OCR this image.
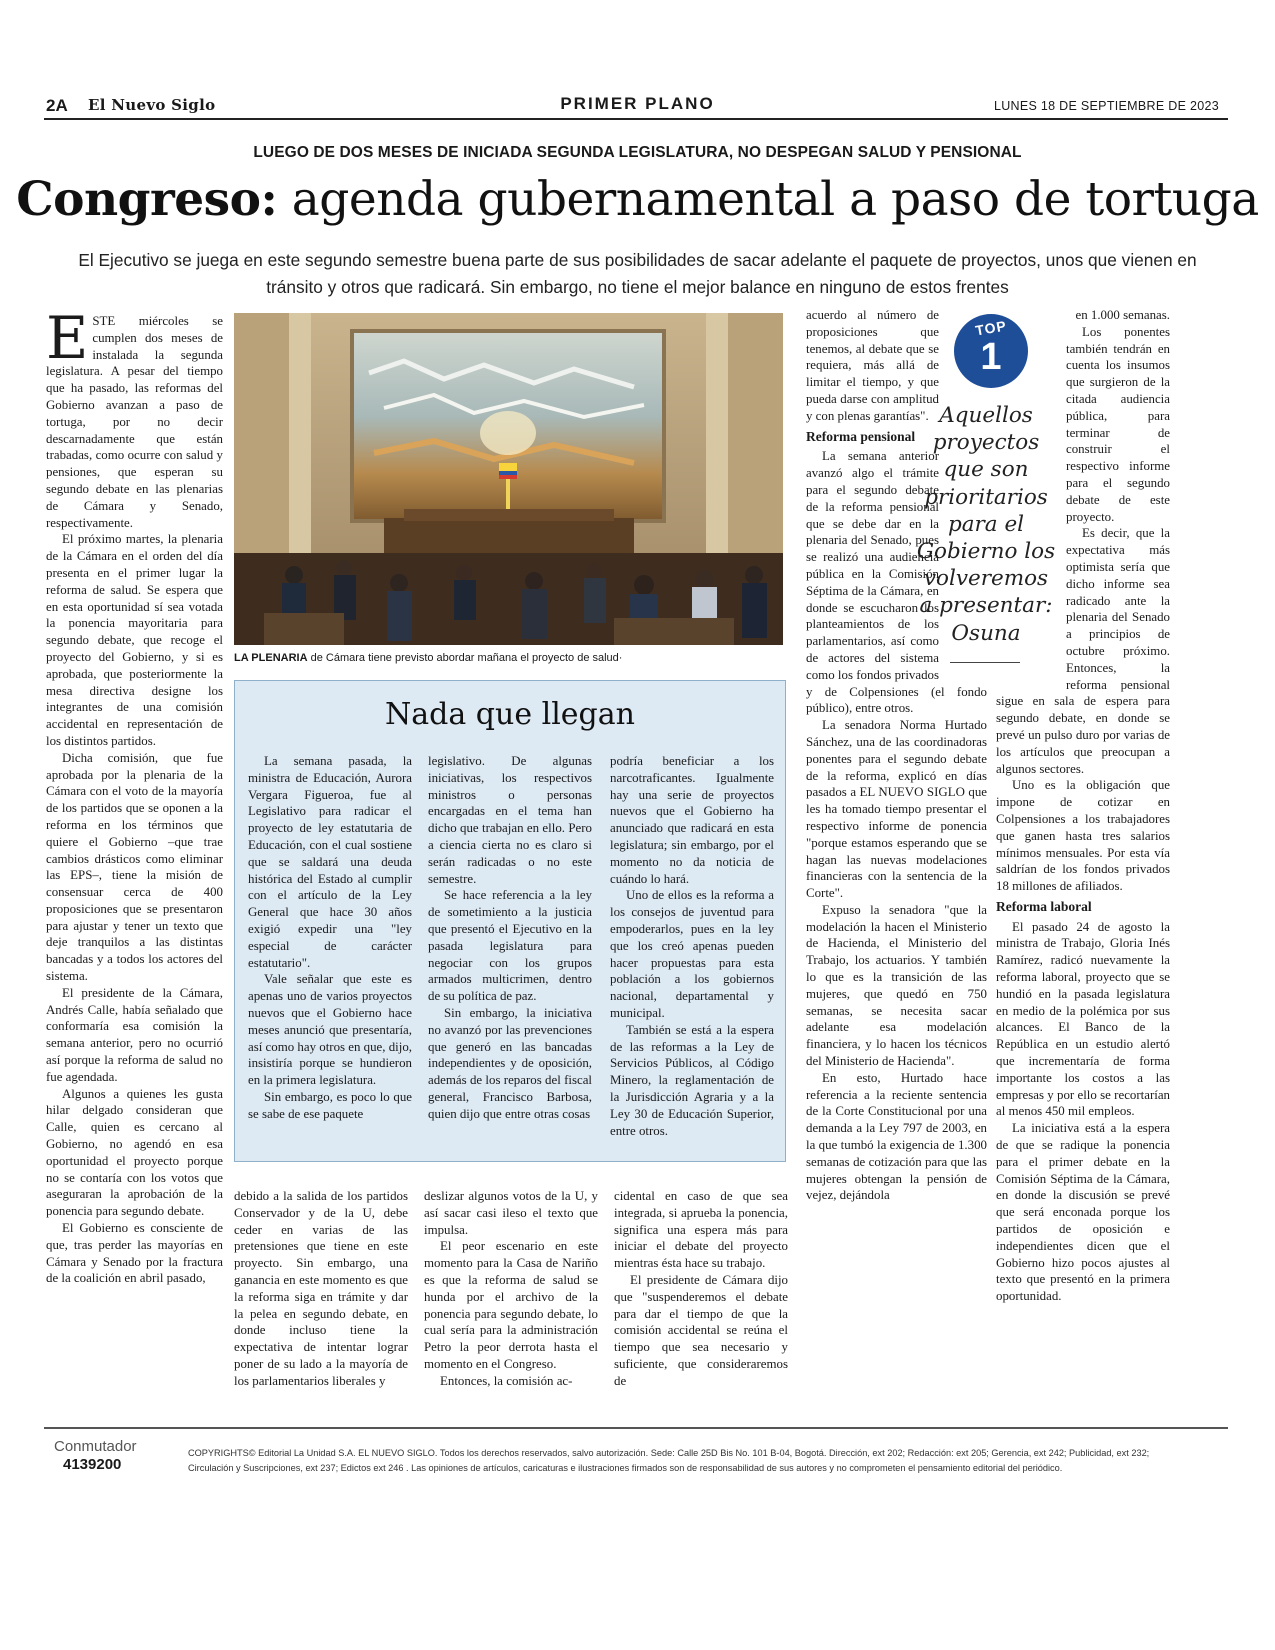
2A El Nuevo Siglo	PRIMER PLANO	LUNES 18 DE SEPTIEMBRE DE 2023
LUEGO DE DOS MESES DE INICIADA SEGUNDA LEGISLATURA, NO DESPEGAN SALUD Y PENSIONAL
Congreso: agenda gubernamental a paso de tortuga
El Ejecutivo se juega en este segundo semestre buena parte de sus posibilidades de sacar adelante el paquete de proyectos, unos que vienen en tránsito y otros que radicará. Sin embargo, no tiene el mejor balance en ninguno de estos frentes

ESTE miércoles se cumplen dos meses de instalada la segunda legislatura. A pesar del tiempo que ha pasado, las reformas del Gobierno avanzan a paso de tortuga, por no decir descarnadamente que están trabadas, como ocurre con salud y pensiones, que esperan su segundo debate en las plenarias de Cámara y Senado, respectivamente.

El próximo martes, la plenaria de la Cámara en el orden del día presenta en el primer lugar la reforma de salud. Se espera que en esta oportunidad sí sea votada la ponencia mayoritaria para segundo debate, que recoge el proyecto del Gobierno, y si es aprobada, que posteriormente la mesa directiva designe los integrantes de una comisión accidental en representación de los distintos partidos.

Dicha comisión, que fue aprobada por la plenaria de la Cámara con el voto de la mayoría de los partidos que se oponen a la reforma en los términos que quiere el Gobierno –que trae cambios drásticos como eliminar las EPS–, tiene la misión de consensuar cerca de 400 proposiciones que se presentaron para ajustar y tener un texto que deje tranquilos a las distintas bancadas y a todos los actores del sistema.

El presidente de la Cámara, Andrés Calle, había señalado que conformaría esa comisión la semana anterior, pero no ocurrió así porque la reforma de salud no fue agendada.

Algunos a quienes les gusta hilar delgado consideran que Calle, quien es cercano al Gobierno, no agendó en esa oportunidad el proyecto porque no se contaría con los votos que aseguraran la aprobación de la ponencia para segundo debate.

El Gobierno es consciente de que, tras perder las mayorías en Cámara y Senado por la fractura de la coalición en abril pasado,

LA PLENARIA de Cámara tiene previsto abordar mañana el proyecto de salud·
Nada que llegan

La semana pasada, la ministra de Educación, Aurora Vergara Figueroa, fue al Legislativo para radicar el proyecto de ley estatutaria de Educación, con el cual sostiene que se saldará una deuda histórica del Estado al cumplir con el artículo de la Ley General que hace 30 años exigió expedir una "ley especial de carácter estatutario".

Vale señalar que este es apenas uno de varios proyectos nuevos que el Gobierno hace meses anunció que presentaría, así como hay otros en que, dijo, insistiría porque se hundieron en la primera legislatura.

Sin embargo, es poco lo que se sabe de ese paquete

legislativo. De algunas iniciativas, los respectivos ministros o personas encargadas en el tema han dicho que trabajan en ello. Pero a ciencia cierta no es claro si serán radicadas o no este semestre.

Se hace referencia a la ley de sometimiento a la justicia que presentó el Ejecutivo en la pasada legislatura para negociar con los grupos armados multicrimen, dentro de su política de paz.

Sin embargo, la iniciativa no avanzó por las prevenciones que generó en las bancadas independientes y de oposición, además de los reparos del fiscal general, Francisco Barbosa, quien dijo que entre otras cosas

podría beneficiar a los narcotraficantes. Igualmente hay una serie de proyectos nuevos que el Gobierno ha anunciado que radicará en esta legislatura; sin embargo, por el momento no da noticia de cuándo lo hará.

Uno de ellos es la reforma a los consejos de juventud para empoderarlos, pues en la ley que los creó apenas pueden hacer propuestas para esta población a los gobiernos nacional, departamental y municipal.

También se está a la espera de las reformas a la Ley de Servicios Públicos, al Código Minero, la reglamentación de la Jurisdicción Agraria y a la Ley 30 de Educación Superior, entre otros.

debido a la salida de los partidos Conservador y de la U, debe ceder en varias de las pretensiones que tiene en este proyecto. Sin embargo, una ganancia en este momento es que la reforma siga en trámite y dar la pelea en segundo debate, en donde incluso tiene la expectativa de intentar lograr poner de su lado a la mayoría de los parlamentarios liberales y

deslizar algunos votos de la U, y así sacar casi ileso el texto que impulsa.

El peor escenario en este momento para la Casa de Nariño es que la reforma de salud se hunda por el archivo de la ponencia para segundo debate, lo cual sería para la administración Petro la peor derrota hasta el momento en el Congreso.

Entonces, la comisión ac-

cidental en caso de que sea integrada, si aprueba la ponencia, significa una espera más para iniciar el debate del proyecto mientras ésta hace su trabajo.

El presidente de Cámara dijo que "suspenderemos el debate para dar el tiempo de que la comisión accidental se reúna el tiempo que sea necesario y suficiente, que consideraremos de

acuerdo al número de proposiciones que tenemos, al debate que se requiera, más allá de limitar el tiempo, y que pueda darse con amplitud y con plenas garantías".

Reforma pensional

La semana anterior avanzó algo el trámite para el segundo debate de la reforma pensional que se debe dar en la plenaria del Senado, pues se realizó una audiencia pública en la Comisión Séptima de la Cámara, en donde se escucharon los planteamientos de los parlamentarios, así como de actores del sistema como los fondos privados y de Colpensiones (el fondo público), entre otros.

La senadora Norma Hurtado Sánchez, una de las coordinadoras ponentes para el segundo debate de la reforma, explicó en días pasados a EL NUEVO SIGLO que les ha tomado tiempo presentar el respectivo informe de ponencia "porque estamos esperando que se hagan las nuevas modelaciones financieras con la sentencia de la Corte".

Expuso la senadora "que la modelación la hacen el Ministerio de Hacienda, el Ministerio del Trabajo, los actuarios. Y también lo que es la transición de las mujeres, que quedó en 750 semanas, se necesita sacar adelante esa modelación financiera, y lo hacen los técnicos del Ministerio de Hacienda".

En esto, Hurtado hace referencia a la reciente sentencia de la Corte Constitucional por una demanda a la Ley 797 de 2003, en la que tumbó la exigencia de 1.300 semanas de cotización para que las mujeres obtengan la pensión de vejez, dejándola

en 1.000 semanas.

Los ponentes también tendrán en cuenta los insumos que surgieron de la citada audiencia pública, para terminar de construir el respectivo informe para el segundo debate de este proyecto.

Es decir, que la expectativa más optimista sería que dicho informe sea radicado ante la plenaria del Senado a principios de octubre próximo. Entonces, la reforma pensional sigue en sala de espera para segundo debate, en donde se prevé un pulso duro por varias de los artículos que preocupan a algunos sectores.

Uno es la obligación que impone de cotizar en Colpensiones a los trabajadores que ganen hasta tres salarios mínimos mensuales. Por esta vía saldrían de los fondos privados 18 millones de afiliados.

Reforma laboral

El pasado 24 de agosto la ministra de Trabajo, Gloria Inés Ramírez, radicó nuevamente la reforma laboral, proyecto que se hundió en la pasada legislatura en medio de la polémica por sus alcances. El Banco de la República en un estudio alertó que incrementaría de forma importante los costos a las empresas y por ello se recortarían al menos 450 mil empleos.

La iniciativa está a la espera de que se radique la ponencia para el primer debate en la Comisión Séptima de la Cámara, en donde la discusión se prevé que será enconada porque los partidos de oposición e independientes dicen que el Gobierno hizo pocos ajustes al texto que presentó en la primera oportunidad.

TOP
1
Aquellos proyectos que son prioritarios para el Gobierno los volveremos a presentar: Osuna
Conmutador
4139200
COPYRIGHTS© Editorial La Unidad S.A. EL NUEVO SIGLO. Todos los derechos reservados, salvo autorización. Sede: Calle 25D Bis No. 101 B-04, Bogotá. Dirección, ext 202; Redacción: ext 205; Gerencia, ext 242; Publicidad, ext 232;
Circulación y Suscripciones, ext 237; Edictos ext 246 . Las opiniones de artículos, caricaturas e ilustraciones firmados son de responsabilidad de sus autores y no comprometen el pensamiento editorial del periódico.
